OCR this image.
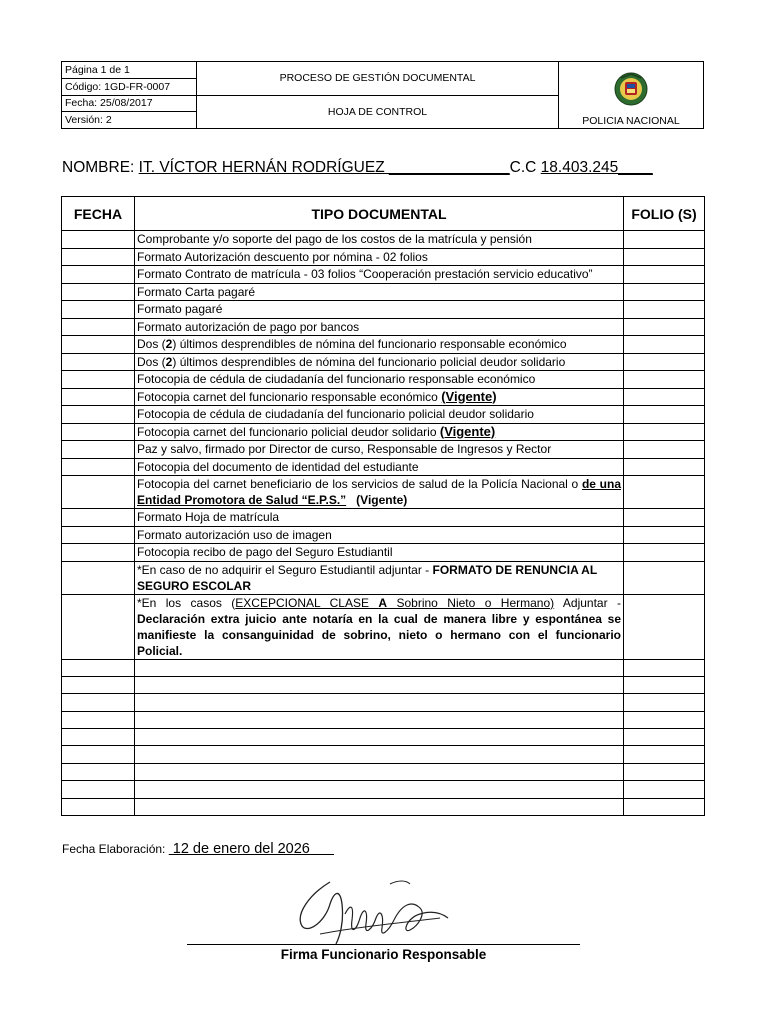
Página 1 de 1	PROCESO DE GESTIÓN DOCUMENTAL	POLICIA NACIONAL
Código: 1GD-FR-0007		
Fecha: 25/08/2017	HOJA DE CONTROL	
Versión: 2		
NOMBRE: IT. VÍCTOR HERNÁN RODRÍGUEZ ______________C.C 18.403.245____
FECHA	TIPO DOCUMENTAL	FOLIO (S)
	Comprobante y/o soporte del pago de los costos de la matrícula y pensión	
	Formato Autorización descuento por nómina - 02 folios	
	Formato Contrato de matrícula - 03 folios “Cooperación prestación servicio educativo”	
	Formato Carta pagaré	
	Formato pagaré	
	Formato autorización de pago por bancos	
	Dos (2) últimos desprendibles de nómina del funcionario responsable económico	
	Dos (2) últimos desprendibles de nómina del funcionario policial deudor solidario	
	Fotocopia de cédula de ciudadanía del funcionario responsable económico	
	Fotocopia carnet del funcionario responsable económico (Vigente)	
	Fotocopia de cédula de ciudadanía del funcionario policial deudor solidario	
	Fotocopia carnet del funcionario policial deudor solidario (Vigente)	
	Paz y salvo, firmado por Director de curso, Responsable de Ingresos y Rector	
	Fotocopia del documento de identidad del estudiante	
	Fotocopia del carnet beneficiario de los servicios de salud de la Policía Nacional o de una Entidad Promotora de Salud “E.P.S.” (Vigente)	
	Formato Hoja de matrícula	
	Formato autorización uso de imagen	
	Fotocopia recibo de pago del Seguro Estudiantil	
	*En caso de no adquirir el Seguro Estudiantil adjuntar - FORMATO DE RENUNCIA AL SEGURO ESCOLAR	
	*En los casos (EXCEPCIONAL CLASE A Sobrino Nieto o Hermano) Adjuntar - Declaración extra juicio ante notaría en la cual de manera libre y espontánea se manifieste la consanguinidad de sobrino, nieto o hermano con el funcionario Policial.	

Fecha Elaboración:  12 de enero del 2026
Firma Funcionario Responsable
